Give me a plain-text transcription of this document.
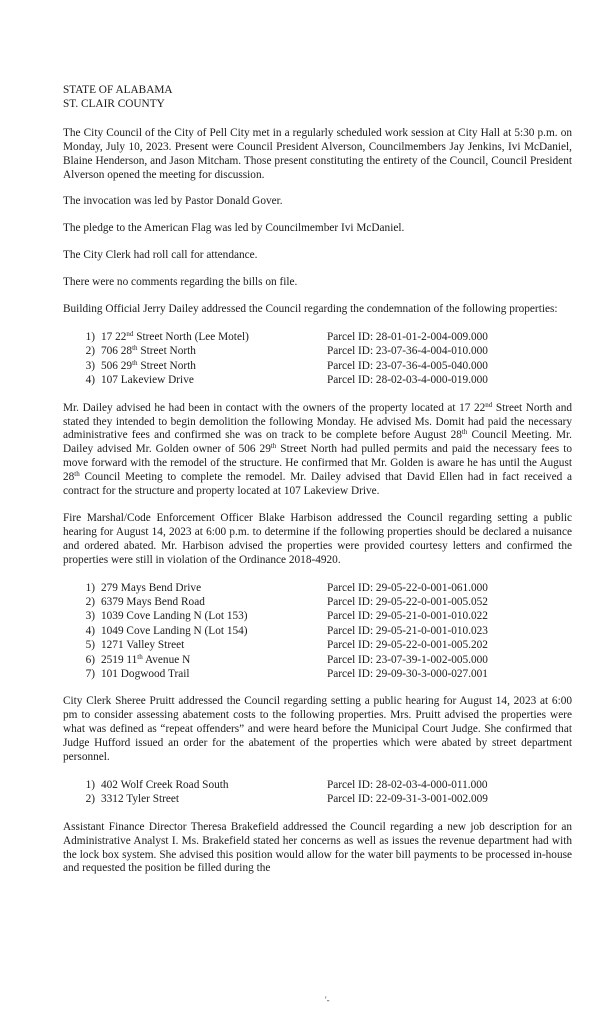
STATE OF ALABAMA
ST. CLAIR COUNTY

The City Council of the City of Pell City met in a regularly scheduled work session at City Hall at 5:30 p.m. on Monday, July 10, 2023. Present were Council President Alverson, Councilmembers Jay Jenkins, Ivi McDaniel, Blaine Henderson, and Jason Mitcham. Those present constituting the entirety of the Council, Council President Alverson opened the meeting for discussion.

The invocation was led by Pastor Donald Gover.

The pledge to the American Flag was led by Councilmember Ivi McDaniel.

The City Clerk had roll call for attendance.

There were no comments regarding the bills on file.

Building Official Jerry Dailey addressed the Council regarding the condemnation of the following properties:

1) 17 22nd Street North (Lee Motel)	Parcel ID: 28-01-01-2-004-009.000
2) 706 28th Street North	Parcel ID: 23-07-36-4-004-010.000
3) 506 29th Street North	Parcel ID: 23-07-36-4-005-040.000
4) 107 Lakeview Drive	Parcel ID: 28-02-03-4-000-019.000

Mr. Dailey advised he had been in contact with the owners of the property located at 17 22nd Street North and stated they intended to begin demolition the following Monday. He advised Ms. Domit had paid the necessary administrative fees and confirmed she was on track to be complete before August 28th Council Meeting. Mr. Dailey advised Mr. Golden owner of 506 29th Street North had pulled permits and paid the necessary fees to move forward with the remodel of the structure. He confirmed that Mr. Golden is aware he has until the August 28th Council Meeting to complete the remodel. Mr. Dailey advised that David Ellen had in fact received a contract for the structure and property located at 107 Lakeview Drive.

Fire Marshal/Code Enforcement Officer Blake Harbison addressed the Council regarding setting a public hearing for August 14, 2023 at 6:00 p.m. to determine if the following properties should be declared a nuisance and ordered abated. Mr. Harbison advised the properties were provided courtesy letters and confirmed the properties were still in violation of the Ordinance 2018-4920.

1) 279 Mays Bend Drive	Parcel ID: 29-05-22-0-001-061.000
2) 6379 Mays Bend Road	Parcel ID: 29-05-22-0-001-005.052
3) 1039 Cove Landing N (Lot 153)	Parcel ID: 29-05-21-0-001-010.022
4) 1049 Cove Landing N (Lot 154)	Parcel ID: 29-05-21-0-001-010.023
5) 1271 Valley Street	Parcel ID: 29-05-22-0-001-005.202
6) 2519 11th Avenue N	Parcel ID: 23-07-39-1-002-005.000
7) 101 Dogwood Trail	Parcel ID: 29-09-30-3-000-027.001

City Clerk Sheree Pruitt addressed the Council regarding setting a public hearing for August 14, 2023 at 6:00 pm to consider assessing abatement costs to the following properties. Mrs. Pruitt advised the properties were what was defined as “repeat offenders” and were heard before the Municipal Court Judge. She confirmed that Judge Hufford issued an order for the abatement of the properties which were abated by street department personnel.

1) 402 Wolf Creek Road South	Parcel ID: 28-02-03-4-000-011.000
2) 3312 Tyler Street	Parcel ID: 22-09-31-3-001-002.009

Assistant Finance Director Theresa Brakefield addressed the Council regarding a new job description for an Administrative Analyst I. Ms. Brakefield stated her concerns as well as issues the revenue department had with the lock box system. She advised this position would allow for the water bill payments to be processed in-house and requested the position be filled during the

'-
